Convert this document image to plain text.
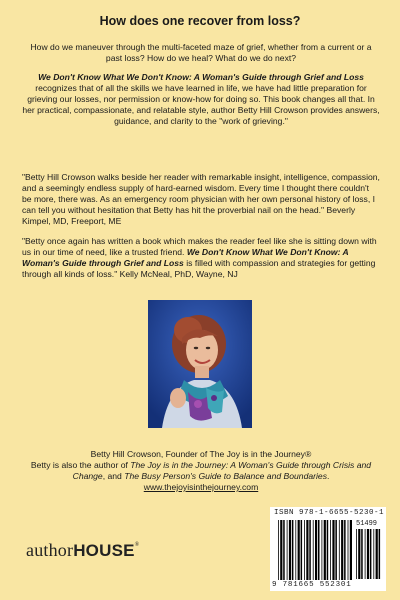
How does one recover from loss?
How do we maneuver through the multi-faceted maze of grief, whether from a current or a past loss? How do we heal? What do we do next?
We Don't Know What We Don't Know: A Woman's Guide through Grief and Loss recognizes that of all the skills we have learned in life, we have had little preparation for grieving our losses, nor permission or know-how for doing so. This book changes all that. In her practical, compassionate, and relatable style, author Betty Hill Crowson provides answers, guidance, and clarity to the "work of grieving."
"Betty Hill Crowson walks beside her reader with remarkable insight, intelligence, compassion, and a seemingly endless supply of hard-earned wisdom. Every time I thought there couldn't be more, there was. As an emergency room physician with her own personal history of loss, I can tell you without hesitation that Betty has hit the proverbial nail on the head." Beverly Kimpel, MD, Freeport, ME
"Betty once again has written a book which makes the reader feel like she is sitting down with us in our time of need, like a trusted friend. We Don't Know What We Don't Know: A Woman's Guide through Grief and Loss is filled with compassion and strategies for getting through all kinds of loss." Kelly McNeal, PhD, Wayne, NJ
Betty Hill Crowson, Founder of The Joy is in the Journey®
Betty is also the author of The Joy is in the Journey: A Woman's Guide through Crisis and Change, and The Busy Person's Guide to Balance and Boundaries.
www.thejoyisinthejourney.com
authorHOUSE®
ISBN 978-1-6655-5230-1
51499
9 781665 552301
